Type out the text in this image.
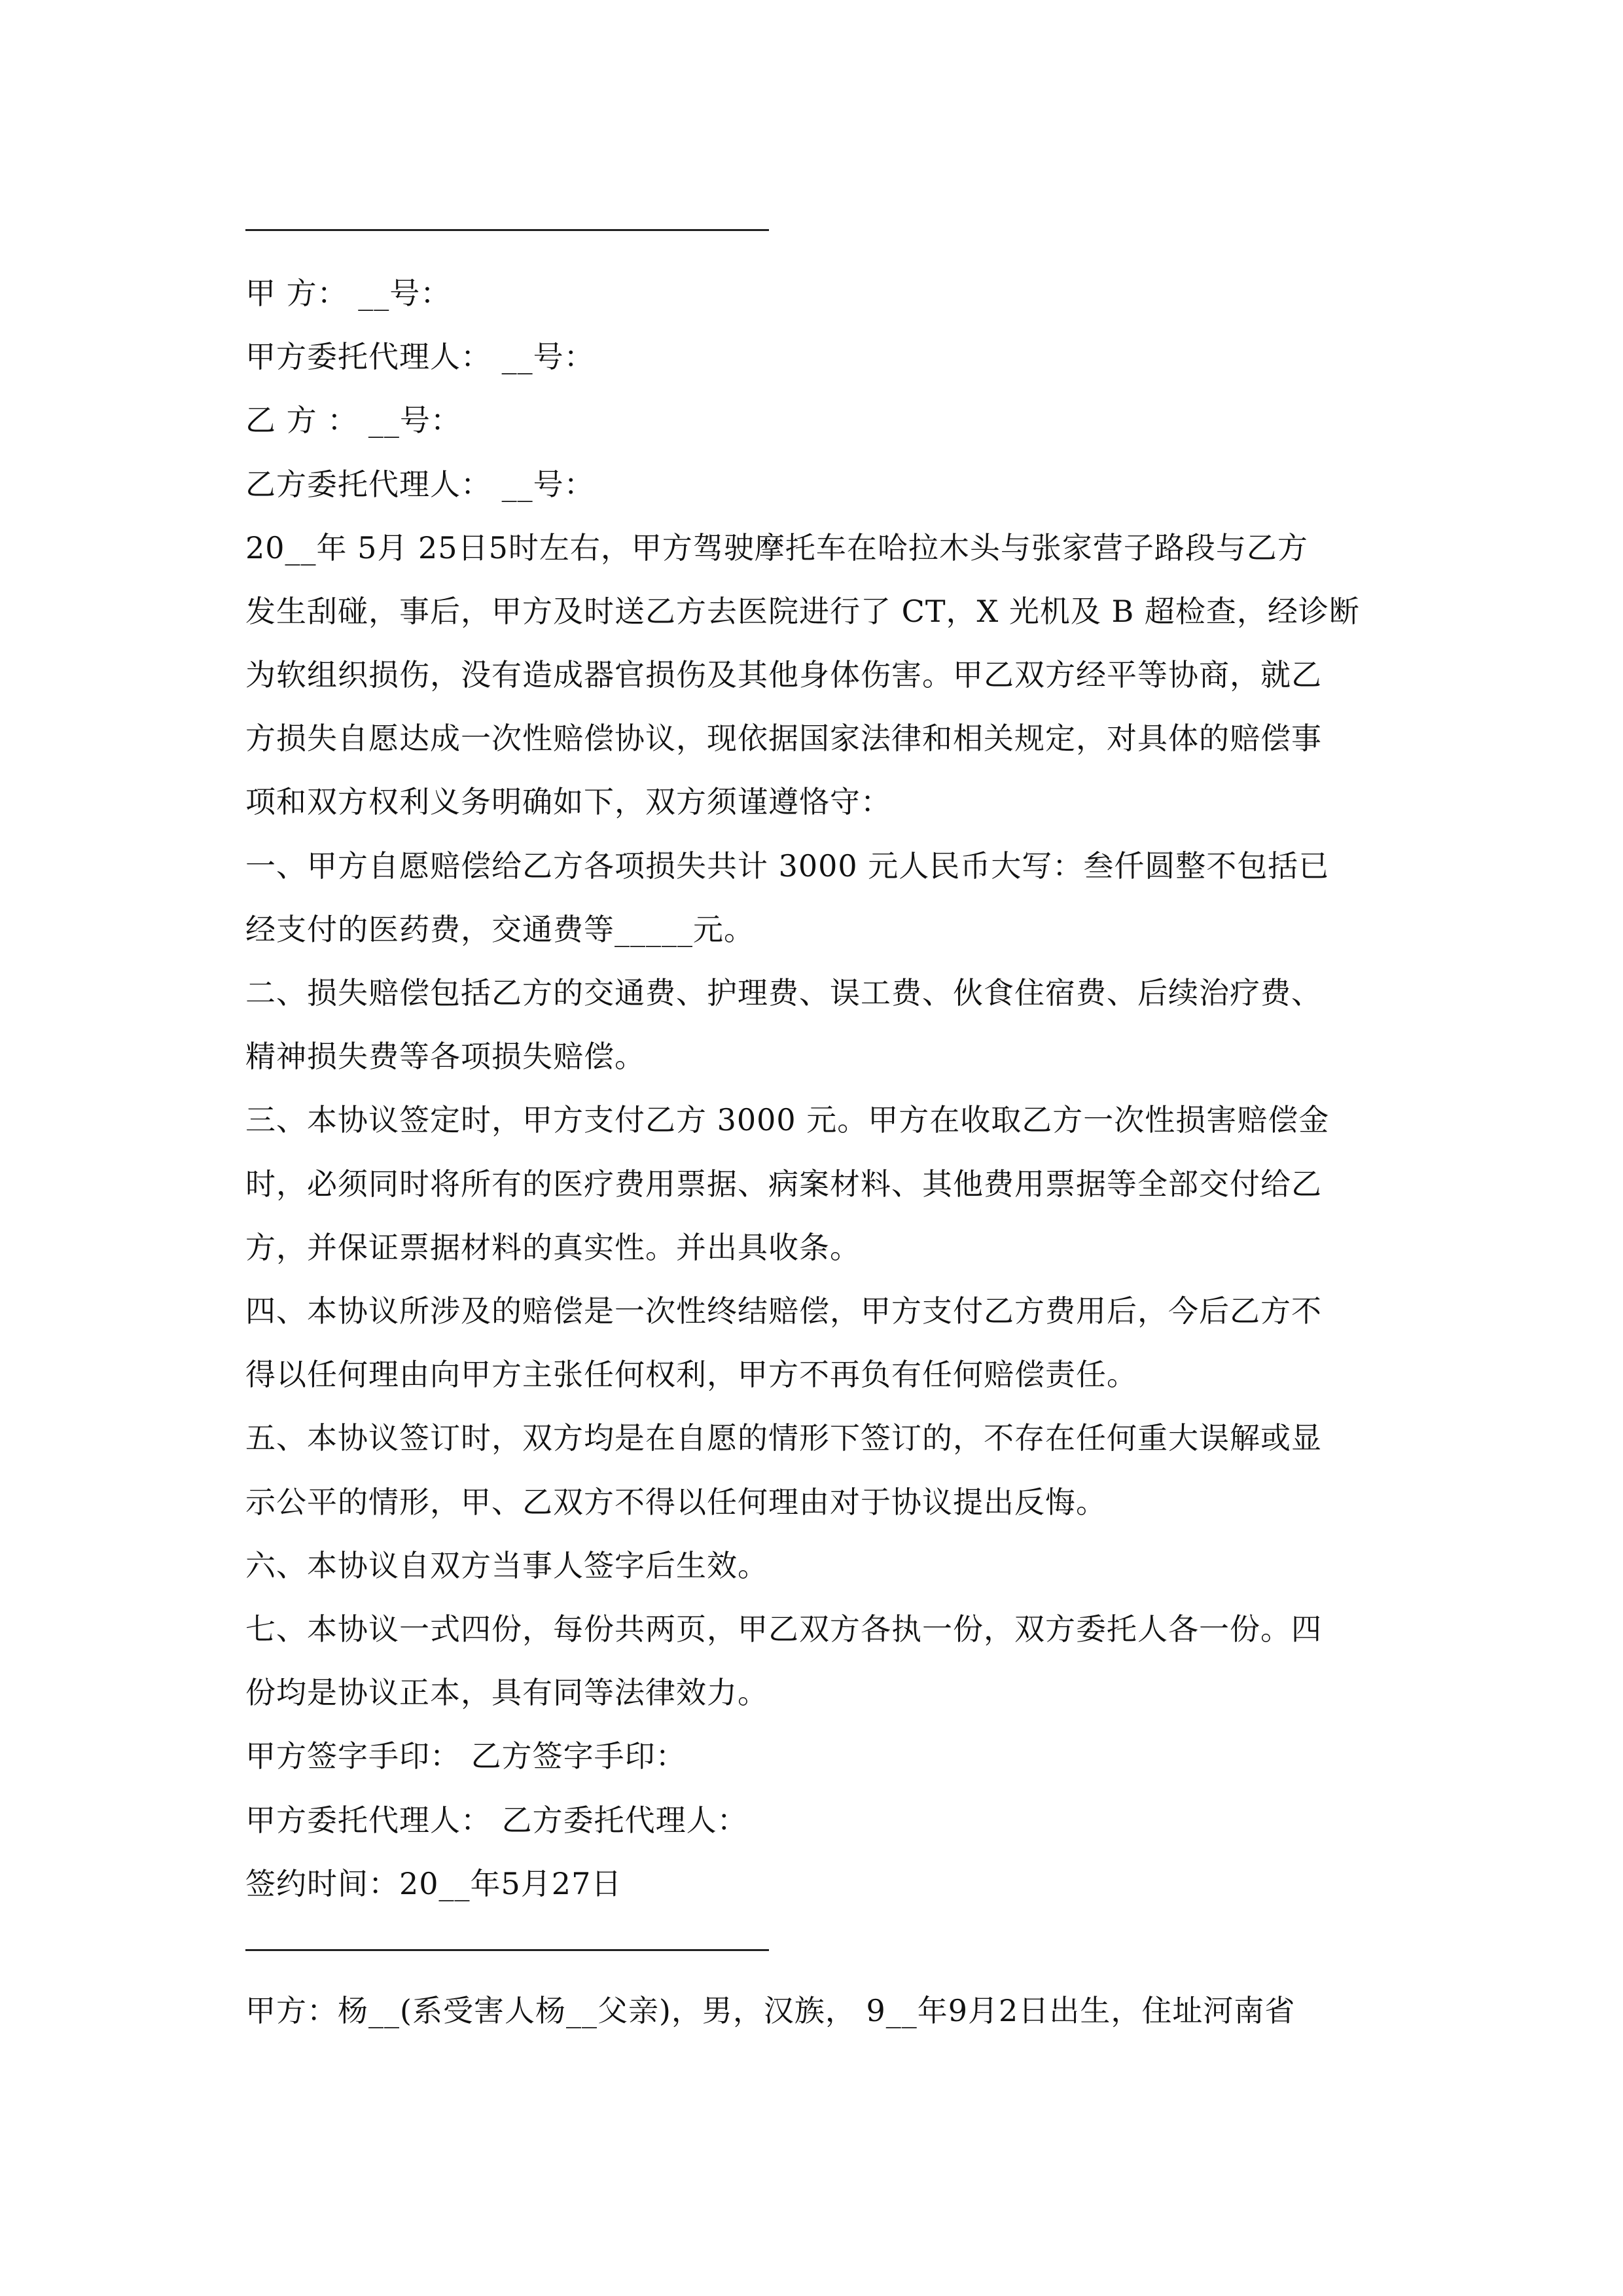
甲 方： __号：
甲方委托代理人： __号：
乙 方 ： __号：
乙方委托代理人： __号：
20__年 5月 25日5时左右，甲方驾驶摩托车在哈拉木头与张家营子路段与乙方
发生刮碰，事后，甲方及时送乙方去医院进行了 CT，X 光机及 B 超检查，经诊断
为软组织损伤，没有造成器官损伤及其他身体伤害。甲乙双方经平等协商，就乙
方损失自愿达成一次性赔偿协议，现依据国家法律和相关规定，对具体的赔偿事
项和双方权利义务明确如下，双方须谨遵恪守：
一、甲方自愿赔偿给乙方各项损失共计 3000 元人民币大写：叁仟圆整不包括已
经支付的医药费，交通费等_____元。
二、损失赔偿包括乙方的交通费、护理费、误工费、伙食住宿费、后续治疗费、
精神损失费等各项损失赔偿。
三、本协议签定时，甲方支付乙方 3000 元。甲方在收取乙方一次性损害赔偿金
时，必须同时将所有的医疗费用票据、病案材料、其他费用票据等全部交付给乙
方，并保证票据材料的真实性。并出具收条。
四、本协议所涉及的赔偿是一次性终结赔偿，甲方支付乙方费用后，今后乙方不
得以任何理由向甲方主张任何权利，甲方不再负有任何赔偿责任。
五、本协议签订时，双方均是在自愿的情形下签订的，不存在任何重大误解或显
示公平的情形，甲、乙双方不得以任何理由对于协议提出反悔。
六、本协议自双方当事人签字后生效。
七、本协议一式四份，每份共两页，甲乙双方各执一份，双方委托人各一份。四
份均是协议正本，具有同等法律效力。
甲方签字手印： 乙方签字手印：
甲方委托代理人： 乙方委托代理人：
签约时间：20__年5月27日
甲方：杨__(系受害人杨__父亲)，男，汉族， 9__年9月2日出生，住址河南省
